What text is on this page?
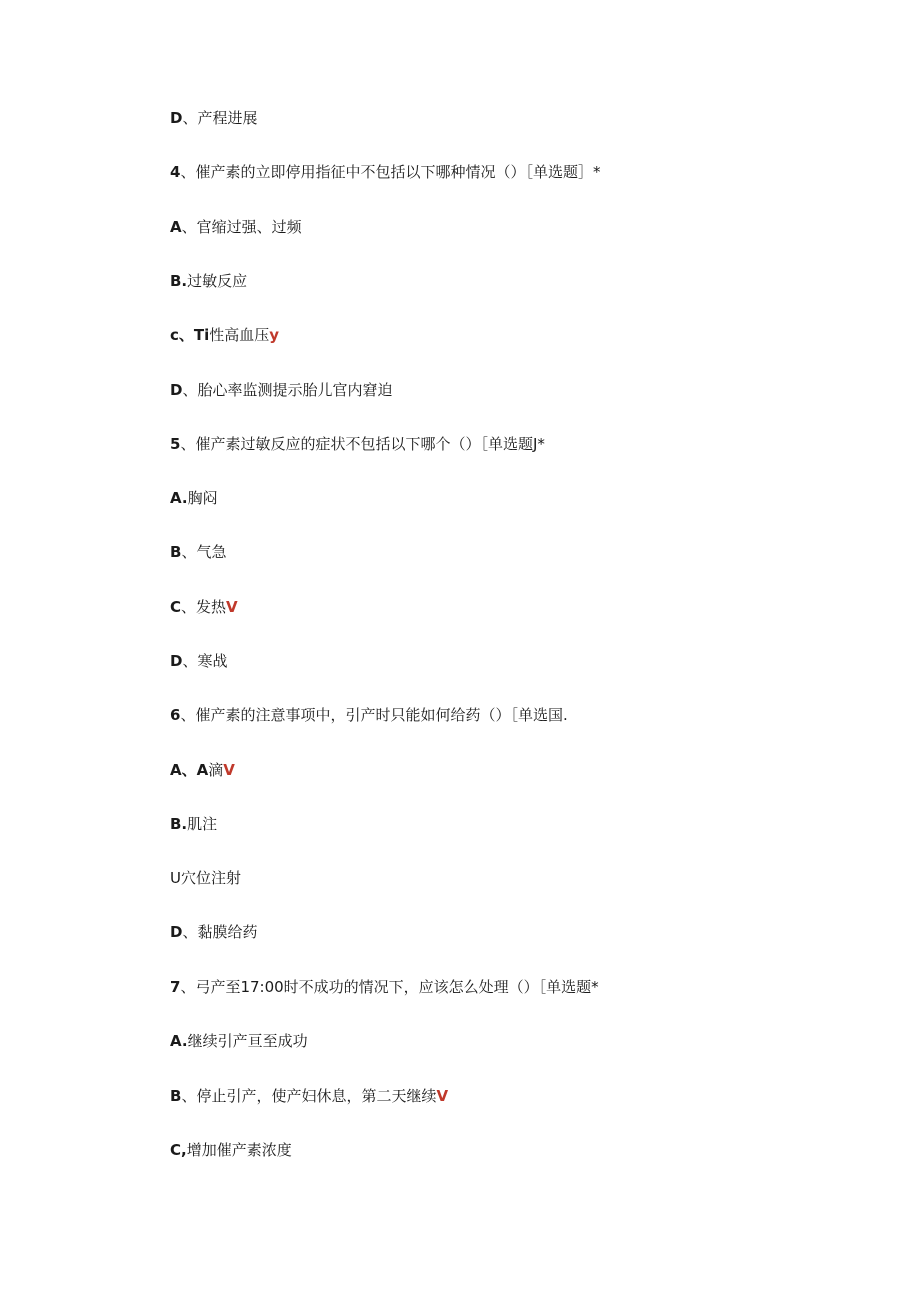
D、产程进展
4、催产素的立即停用指征中不包括以下哪种情况（）［单选题］*
A、官缩过强、过频
B.过敏反应
c、Ti性高血压y
D、胎心率监测提示胎儿官内窘迫
5、催产素过敏反应的症状不包括以下哪个（）［单选题J*
A.胸闷
B、气急
C、发热V
D、寒战
6、催产素的注意事项中，引产时只能如何给药（）［单选国.
A、A滴V
B.肌注
U穴位注射
D、黏膜给药
7、弓产至17:00时不成功的情况下，应该怎么处理（）［单选题*
A.继续引产亘至成功
B、停止引产，使产妇休息，第二天继续V
C,增加催产素浓度
